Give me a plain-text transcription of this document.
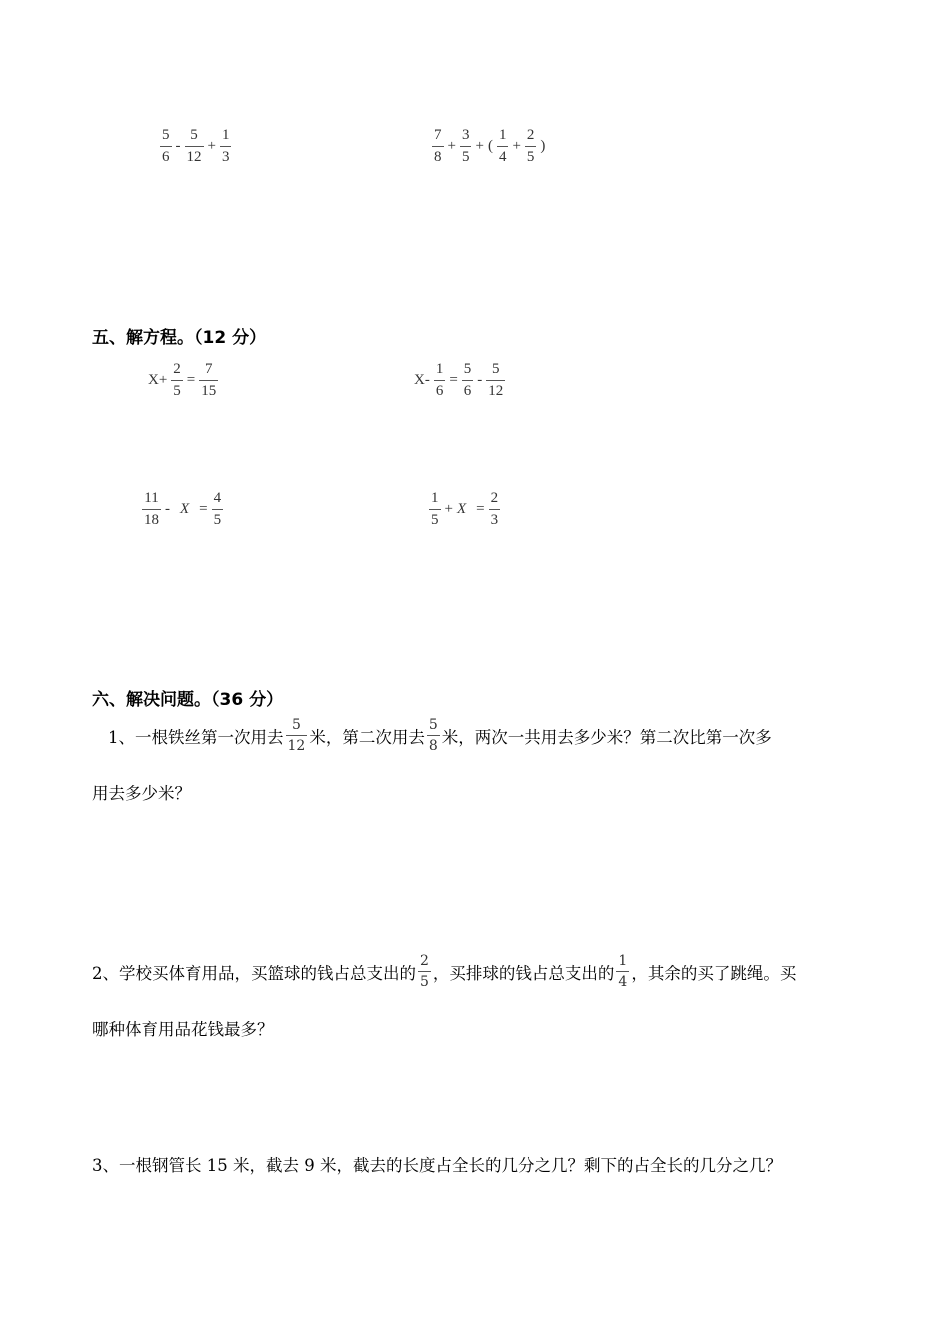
$\frac{5}{6} - \frac{5}{12} + \frac{1}{3}$	$\frac{7}{8} + \frac{3}{5}$ + ( $\frac{1}{4} + \frac{2}{5}$ )
五、解方程。（12 分）
$X+ \frac{2}{5} = \frac{7}{15}$	$X- \frac{1}{6} = \frac{5}{6} - \frac{5}{12}$
$\frac{11}{18} - X = \frac{4}{5}$	$\frac{1}{5} + X = \frac{2}{3}$
六、解决问题。（36 分）
1、一根铁丝第一次用去 $\frac{5}{12}$ 米，第二次用去 $\frac{5}{8}$ 米，两次一共用去多少米？第二次比第一次多
用去多少米？
2、学校买体育用品，买篮球的钱占总支出的 $\frac{2}{5}$ ，买排球的钱占总支出的 $\frac{1}{4}$ ，其余的买了跳绳。买
哪种体育用品花钱最多？
3、一根钢管长 15 米，截去 9 米，截去的长度占全长的几分之几？剩下的占全长的几分之几？
